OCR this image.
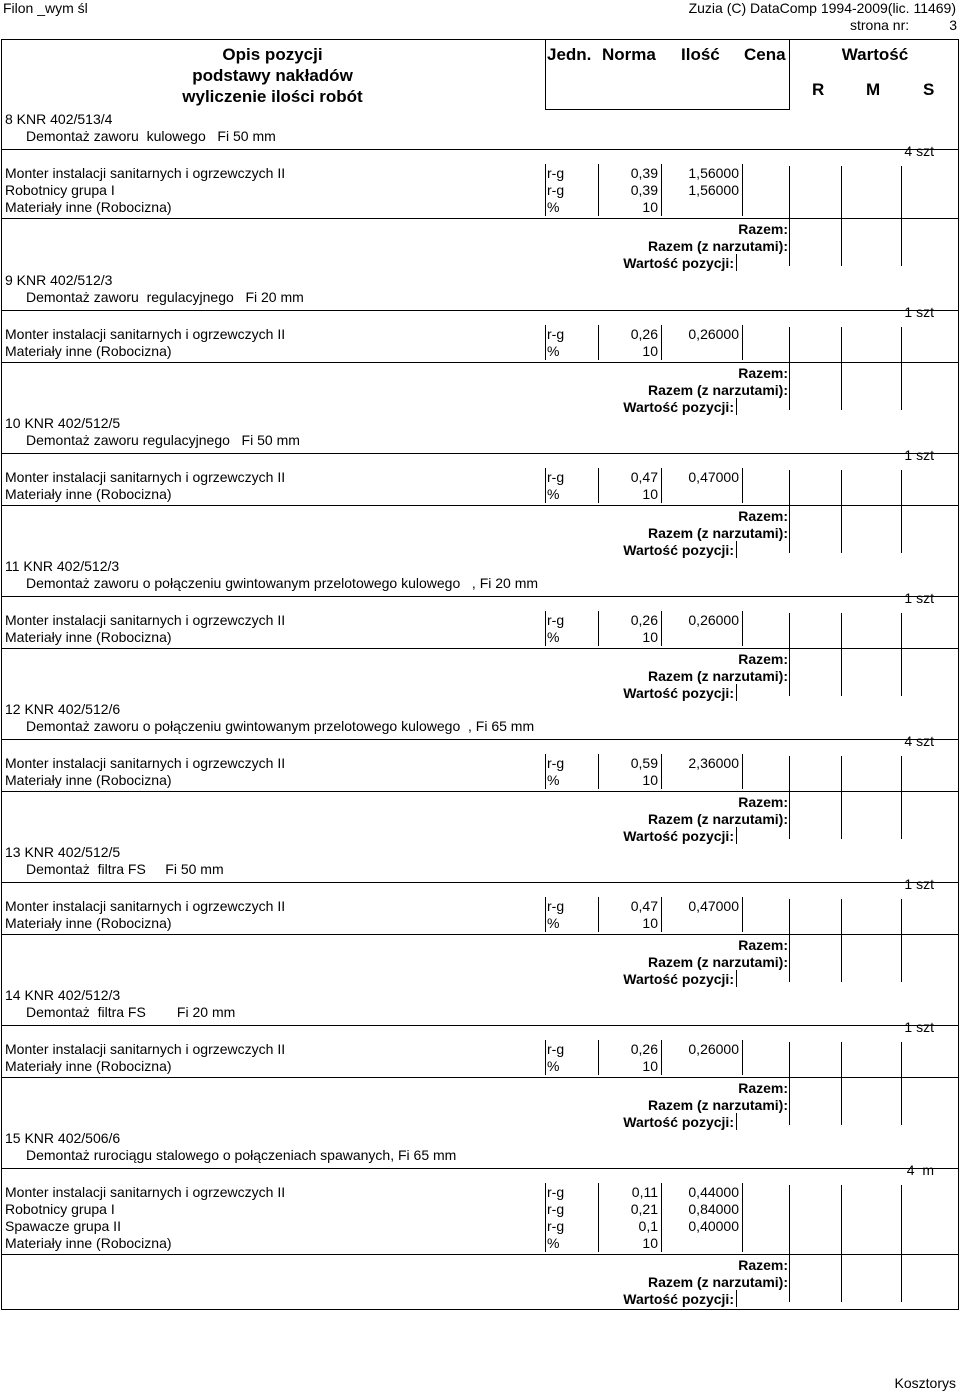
Filon _wym śl	Zuzia (C) DataComp 1994-2009(lic. 11469)
strona nr:	3
Opis pozycji
podstawy nakładów
wyliczenie ilości robót
Jedn. Norma Ilość Cena	Wartość
R M	S
8 KNR 402/513/4
Demontaż zaworu  kulowego   Fi 50 mm
4 szt
Monter instalacji sanitarnych i ogrzewczych II	r-g	0,39	1,56000
Robotnicy grupa I	r-g	0,39	1,56000
Materiały inne (Robocizna)	%	10
Razem:
Razem (z narzutami):
Wartość pozycji:
9 KNR 402/512/3
Demontaż zaworu  regulacyjnego   Fi 20 mm
1 szt
Monter instalacji sanitarnych i ogrzewczych II	r-g	0,26	0,26000
Materiały inne (Robocizna)	%	10
Razem:
Razem (z narzutami):
Wartość pozycji:
10 KNR 402/512/5
Demontaż zaworu regulacyjnego   Fi 50 mm
1 szt
Monter instalacji sanitarnych i ogrzewczych II	r-g	0,47	0,47000
Materiały inne (Robocizna)	%	10
Razem:
Razem (z narzutami):
Wartość pozycji:
11 KNR 402/512/3
Demontaż zaworu o połączeniu gwintowanym przelotowego kulowego   , Fi 20 mm
1 szt
Monter instalacji sanitarnych i ogrzewczych II	r-g	0,26	0,26000
Materiały inne (Robocizna)	%	10
Razem:
Razem (z narzutami):
Wartość pozycji:
12 KNR 402/512/6
Demontaż zaworu o połączeniu gwintowanym przelotowego kulowego  , Fi 65 mm
4 szt
Monter instalacji sanitarnych i ogrzewczych II	r-g	0,59	2,36000
Materiały inne (Robocizna)	%	10
Razem:
Razem (z narzutami):
Wartość pozycji:
13 KNR 402/512/5
Demontaż  filtra FS     Fi 50 mm
1 szt
Monter instalacji sanitarnych i ogrzewczych II	r-g	0,47	0,47000
Materiały inne (Robocizna)	%	10
Razem:
Razem (z narzutami):
Wartość pozycji:
14 KNR 402/512/3
Demontaż  filtra FS        Fi 20 mm
1 szt
Monter instalacji sanitarnych i ogrzewczych II	r-g	0,26	0,26000
Materiały inne (Robocizna)	%	10
Razem:
Razem (z narzutami):
Wartość pozycji:
15 KNR 402/506/6
Demontaż rurociągu stalowego o połączeniach spawanych, Fi 65 mm
4  m
Monter instalacji sanitarnych i ogrzewczych II	r-g	0,11	0,44000
Robotnicy grupa I	r-g	0,21	0,84000
Spawacze grupa II	r-g	0,1	0,40000
Materiały inne (Robocizna)	%	10
Razem:
Razem (z narzutami):
Wartość pozycji:
Kosztorys
